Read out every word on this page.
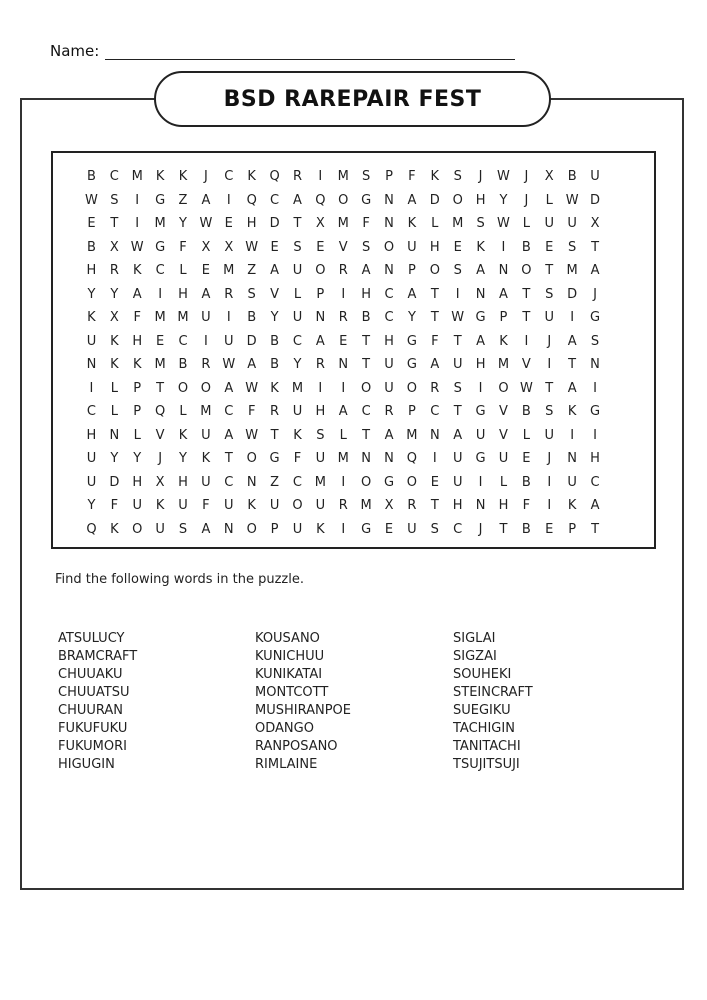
Name:
BSD RAREPAIR FEST
B	C	M	K	K	J	C	K	Q	R	I	M	S	P	F	K	S	J	W	J	X	B	U
W	S	I	G	Z	A	I	Q	C	A	Q	O	G	N	A	D	O	H	Y	J	L	W	D
E	T	I	M	Y	W	E	H	D	T	X	M	F	N	K	L	M	S	W	L	U	U	X
B	X	W	G	F	X	X	W	E	S	E	V	S	O	U	H	E	K	I	B	E	S	T
H	R	K	C	L	E	M	Z	A	U	O	R	A	N	P	O	S	A	N	O	T	M	A
Y	Y	A	I	H	A	R	S	V	L	P	I	H	C	A	T	I	N	A	T	S	D	J
K	X	F	M	M	U	I	B	Y	U	N	R	B	C	Y	T	W	G	P	T	U	I	G
U	K	H	E	C	I	U	D	B	C	A	E	T	H	G	F	T	A	K	I	J	A	S
N	K	K	M	B	R	W	A	B	Y	R	N	T	U	G	A	U	H	M	V	I	T	N
I	L	P	T	O	O	A	W	K	M	I	I	O	U	O	R	S	I	O	W	T	A	I
C	L	P	Q	L	M	C	F	R	U	H	A	C	R	P	C	T	G	V	B	S	K	G
H	N	L	V	K	U	A	W	T	K	S	L	T	A	M	N	A	U	V	L	U	I	I
U	Y	Y	J	Y	K	T	O	G	F	U	M	N	N	Q	I	U	G	U	E	J	N	H
U	D	H	X	H	U	C	N	Z	C	M	I	O	G	O	E	U	I	L	B	I	U	C
Y	F	U	K	U	F	U	K	U	O	U	R	M	X	R	T	H	N	H	F	I	K	A
Q	K	O	U	S	A	N	O	P	U	K	I	G	E	U	S	C	J	T	B	E	P	T
Find the following words in the puzzle.
ATSULUCY
BRAMCRAFT
CHUUAKU
CHUUATSU
CHUURAN
FUKUFUKU
FUKUMORI
HIGUGIN
KOUSANO
KUNICHUU
KUNIKATAI
MONTCOTT
MUSHIRANPOE
ODANGO
RANPOSANO
RIMLAINE
SIGLAI
SIGZAI
SOUHEKI
STEINCRAFT
SUEGIKU
TACHIGIN
TANITACHI
TSUJITSUJI
